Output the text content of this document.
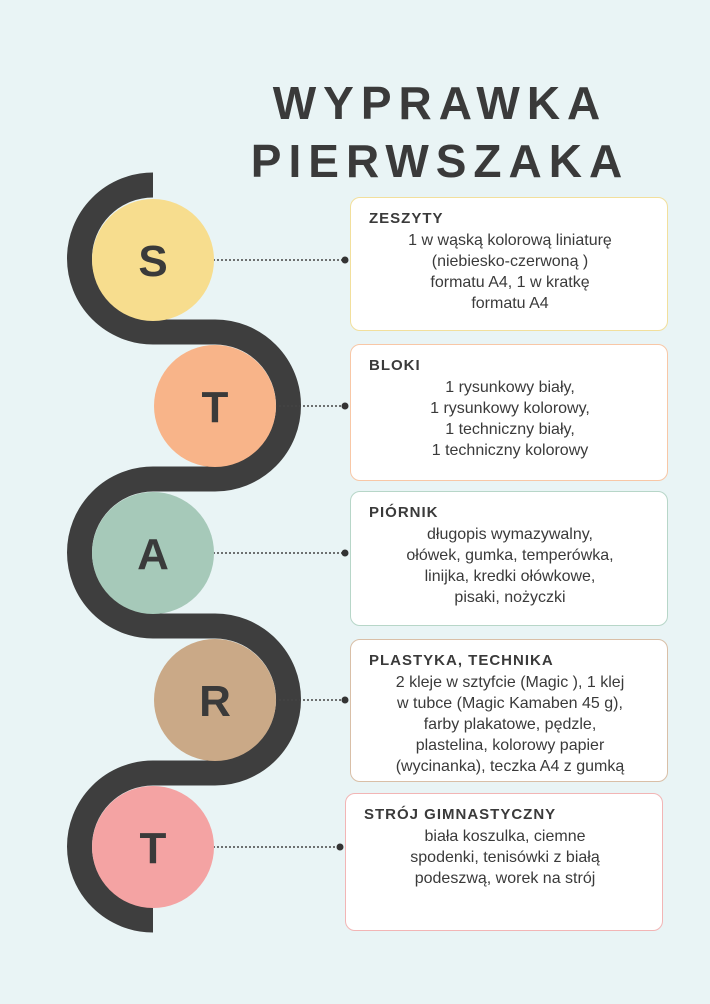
WYPRAWKA
PIERWSZAKA
S
T
A
R
T
ZESZYTY
1 w wąską kolorową liniaturę
(niebiesko-czerwoną )
formatu A4, 1 w kratkę
formatu A4
BLOKI
1 rysunkowy biały,
1 rysunkowy kolorowy,
1 techniczny biały,
1 techniczny kolorowy
PIÓRNIK
długopis wymazywalny,
ołówek, gumka, temperówka,
linijka, kredki ołówkowe,
pisaki, nożyczki
PLASTYKA, TECHNIKA
2 kleje w sztyfcie (Magic ), 1 klej
w tubce (Magic Kamaben 45 g),
farby plakatowe, pędzle,
plastelina, kolorowy papier
(wycinanka), teczka A4 z gumką
STRÓJ GIMNASTYCZNY
biała koszulka, ciemne
spodenki, tenisówki z białą
podeszwą, worek na strój
